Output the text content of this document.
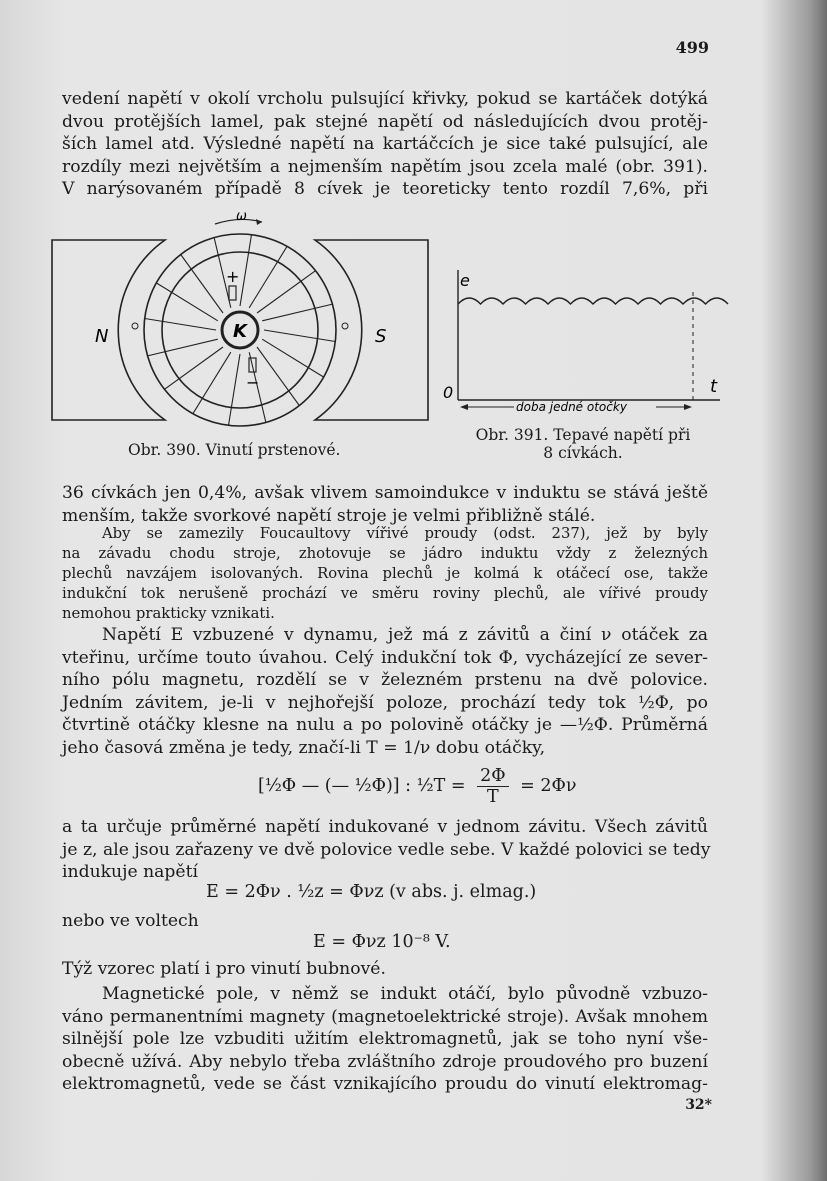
499
vedení napětí v okolí vrcholu pulsující křivky, pokud se kartáček dotýká
dvou protějších lamel, pak stejné napětí od následujících dvou protěj-
ších lamel atd. Výsledné napětí na kartáčcích je sice také pulsující, ale
rozdíly mezi největším a nejmenším napětím jsou zcela malé (obr. 391).
V narýsovaném případě 8 cívek je teoreticky tento rozdíl 7,6%, při
ω
N	S
K
+
−
Obr. 390. Vinutí prstenové.
e
t
0
doba jedné otočky
Obr. 391. Tepavé napětí při
8 cívkách.
36 cívkách jen 0,4%, avšak vlivem samoindukce v induktu se stává ještě
menším, takže svorkové napětí stroje je velmi přibližně stálé.
Aby se zamezily Foucaultovy vířivé proudy (odst. 237), jež by byly
na závadu chodu stroje, zhotovuje se jádro induktu vždy z železných
plechů navzájem isolovaných. Rovina plechů je kolmá k otáčecí ose, takže
indukční tok nerušeně prochází ve směru roviny plechů, ale vířivé proudy
nemohou prakticky vznikati.
Napětí E vzbuzené v dynamu, jež má z závitů a činí ν otáček za
vteřinu, určíme touto úvahou. Celý indukční tok Φ, vycházející ze sever-
ního pólu magnetu, rozdělí se v železném prstenu na dvě polovice.
Jedním závitem, je-li v nejhořejší poloze, prochází tedy tok ½Φ, po
čtvrtině otáčky klesne na nulu a po polovině otáčky je —½Φ. Průměrná
jeho časová změna je tedy, značí-li T = 1/ν dobu otáčky,
[½Φ — (— ½Φ)] : ½T = $\frac{2\Phi}{T} = 2\Phi\nu$
a ta určuje průměrné napětí indukované v jednom závitu. Všech závitů
je z, ale jsou zařazeny ve dvě polovice vedle sebe. V každé polovici se tedy
indukuje napětí
E = 2Φν . ½z = Φνz (v abs. j. elmag.)
nebo ve voltech
E = Φνz 10⁻⁸ V.
Týž vzorec platí i pro vinutí bubnové.
Magnetické pole, v němž se indukt otáčí, bylo původně vzbuzo-
váno permanentními magnety (magnetoelektrické stroje). Avšak mnohem
silnější pole lze vzbuditi užitím elektromagnetů, jak se toho nyní vše-
obecně užívá. Aby nebylo třeba zvláštního zdroje proudového pro buzení
elektromagnetů, vede se část vznikajícího proudu do vinutí elektromag-
32*
